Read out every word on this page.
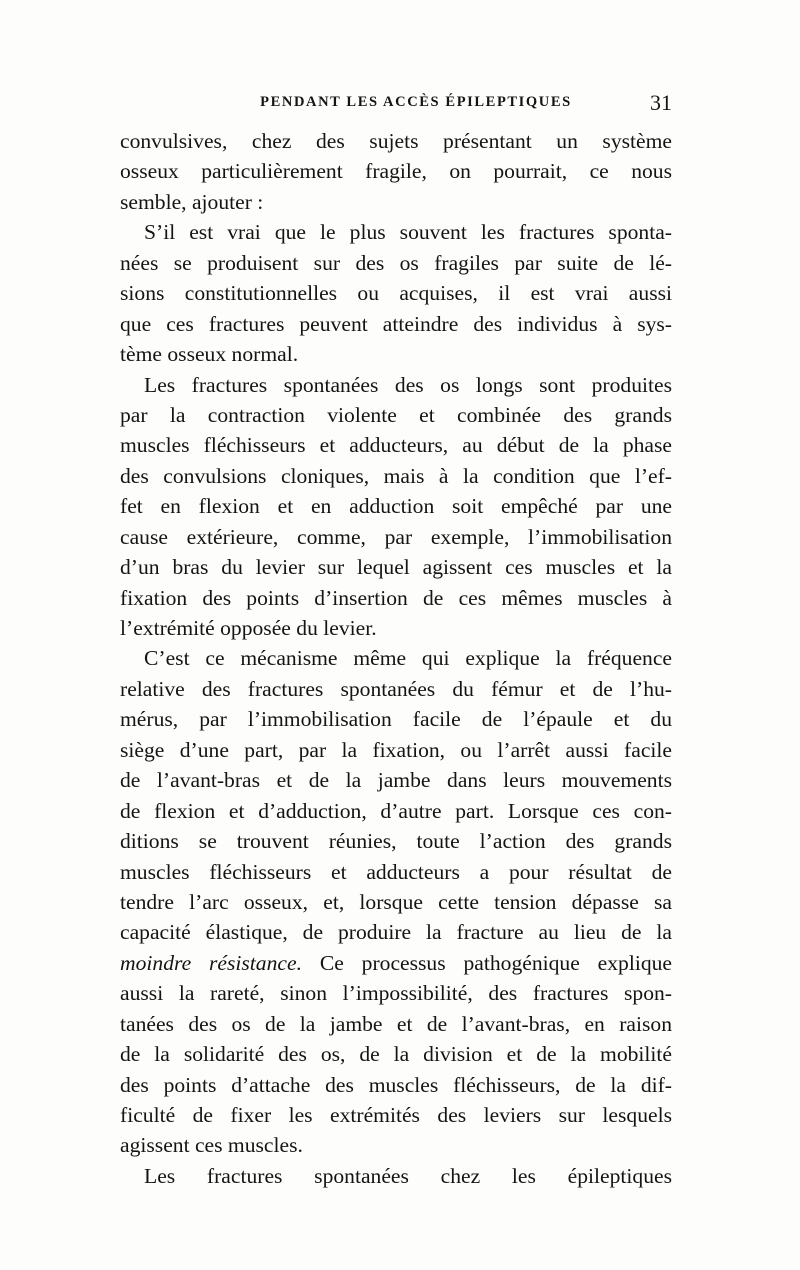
PENDANT LES ACCÈS ÉPILEPTIQUES	31
convulsives, chez des sujets présentant un système
osseux particulièrement fragile, on pourrait, ce nous
semble, ajouter :
S’il est vrai que le plus souvent les fractures sponta-
nées se produisent sur des os fragiles par suite de lé-
sions constitutionnelles ou acquises, il est vrai aussi
que ces fractures peuvent atteindre des individus à sys-
tème osseux normal.
Les fractures spontanées des os longs sont produites
par la contraction violente et combinée des grands
muscles fléchisseurs et adducteurs, au début de la phase
des convulsions cloniques, mais à la condition que l’ef-
fet en flexion et en adduction soit empêché par une
cause extérieure, comme, par exemple, l’immobilisation
d’un bras du levier sur lequel agissent ces muscles et la
fixation des points d’insertion de ces mêmes muscles à
l’extrémité opposée du levier.
C’est ce mécanisme même qui explique la fréquence
relative des fractures spontanées du fémur et de l’hu-
mérus, par l’immobilisation facile de l’épaule et du
siège d’une part, par la fixation, ou l’arrêt aussi facile
de l’avant-bras et de la jambe dans leurs mouvements
de flexion et d’adduction, d’autre part. Lorsque ces con-
ditions se trouvent réunies, toute l’action des grands
muscles fléchisseurs et adducteurs a pour résultat de
tendre l’arc osseux, et, lorsque cette tension dépasse sa
capacité élastique, de produire la fracture au lieu de la
moindre résistance. Ce processus pathogénique explique
aussi la rareté, sinon l’impossibilité, des fractures spon-
tanées des os de la jambe et de l’avant-bras, en raison
de la solidarité des os, de la division et de la mobilité
des points d’attache des muscles fléchisseurs, de la dif-
ficulté de fixer les extrémités des leviers sur lesquels
agissent ces muscles.
Les fractures spontanées chez les épileptiques
